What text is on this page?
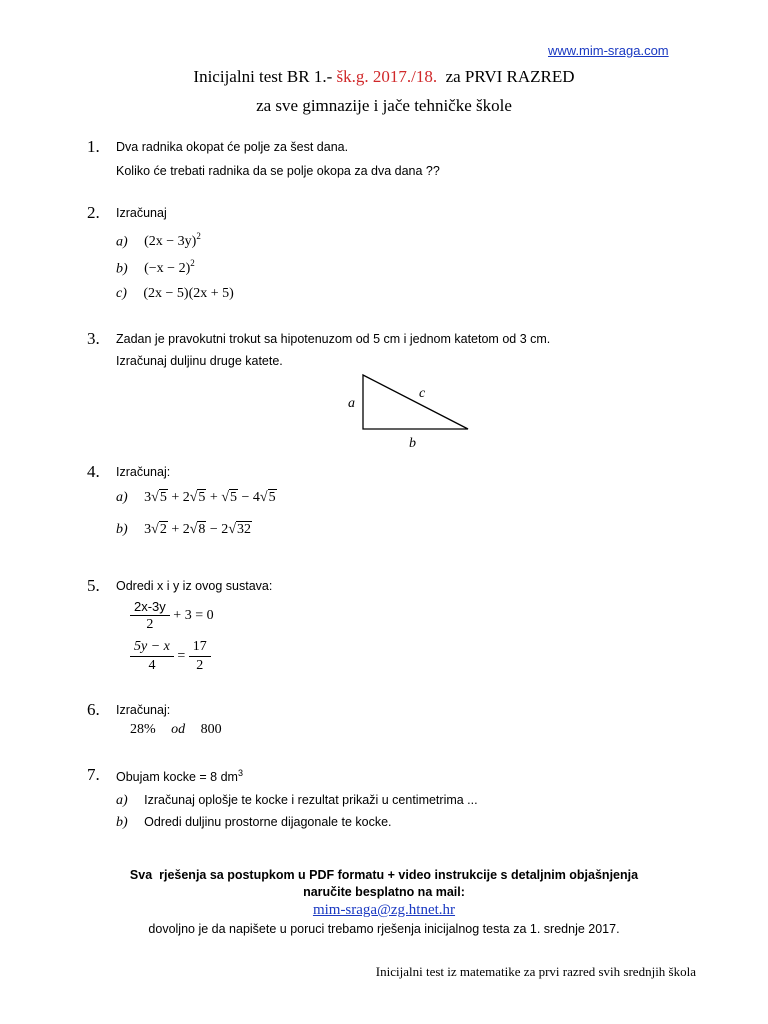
www.mim-sraga.com
Inicijalni test BR 1.- šk.g. 2017./18.  za PRVI RAZRED
za sve gimnazije i jače tehničke škole
1. Dva radnika okopat će polje za šest dana.
Koliko će trebati radnika da se polje okopa za dva dana ??
2. Izračunaj
a) $(2x - 3y)^2$
b) $(-x - 2)^2$
c) (2x − 5)(2x + 5)
3. Zadan je pravokutni trokut sa hipotenuzom od 5 cm i jednom katetom od 3 cm.
Izračunaj duljinu druge katete.
a
c
b
4. Izračunaj:
a) 3√5 + 2√5 + √5 − 4√5
b) 3√2 + 2√8 − 2√32
5. Odredi x i y iz ovog sustava:
$\frac{2x-3y}{2} + 3 = 0$
$\frac{5y - x}{4} = \frac{17}{2}$
6. Izračunaj:
28% od 800
7. Obujam kocke = 8 $dm^3$
a) Izračunaj oplošje te kocke i rezultat prikaži u centimetrima ...
b) Odredi duljinu prostorne dijagonale te kocke.
Sva  rješenja sa postupkom u PDF formatu + video instrukcije s detaljnim objašnjenja
naručite besplatno na mail:
mim-sraga@zg.htnet.hr
dovoljno je da napišete u poruci trebamo rješenja inicijalnog testa za 1. srednje 2017.
Inicijalni test iz matematike za prvi razred svih srednjih škola
